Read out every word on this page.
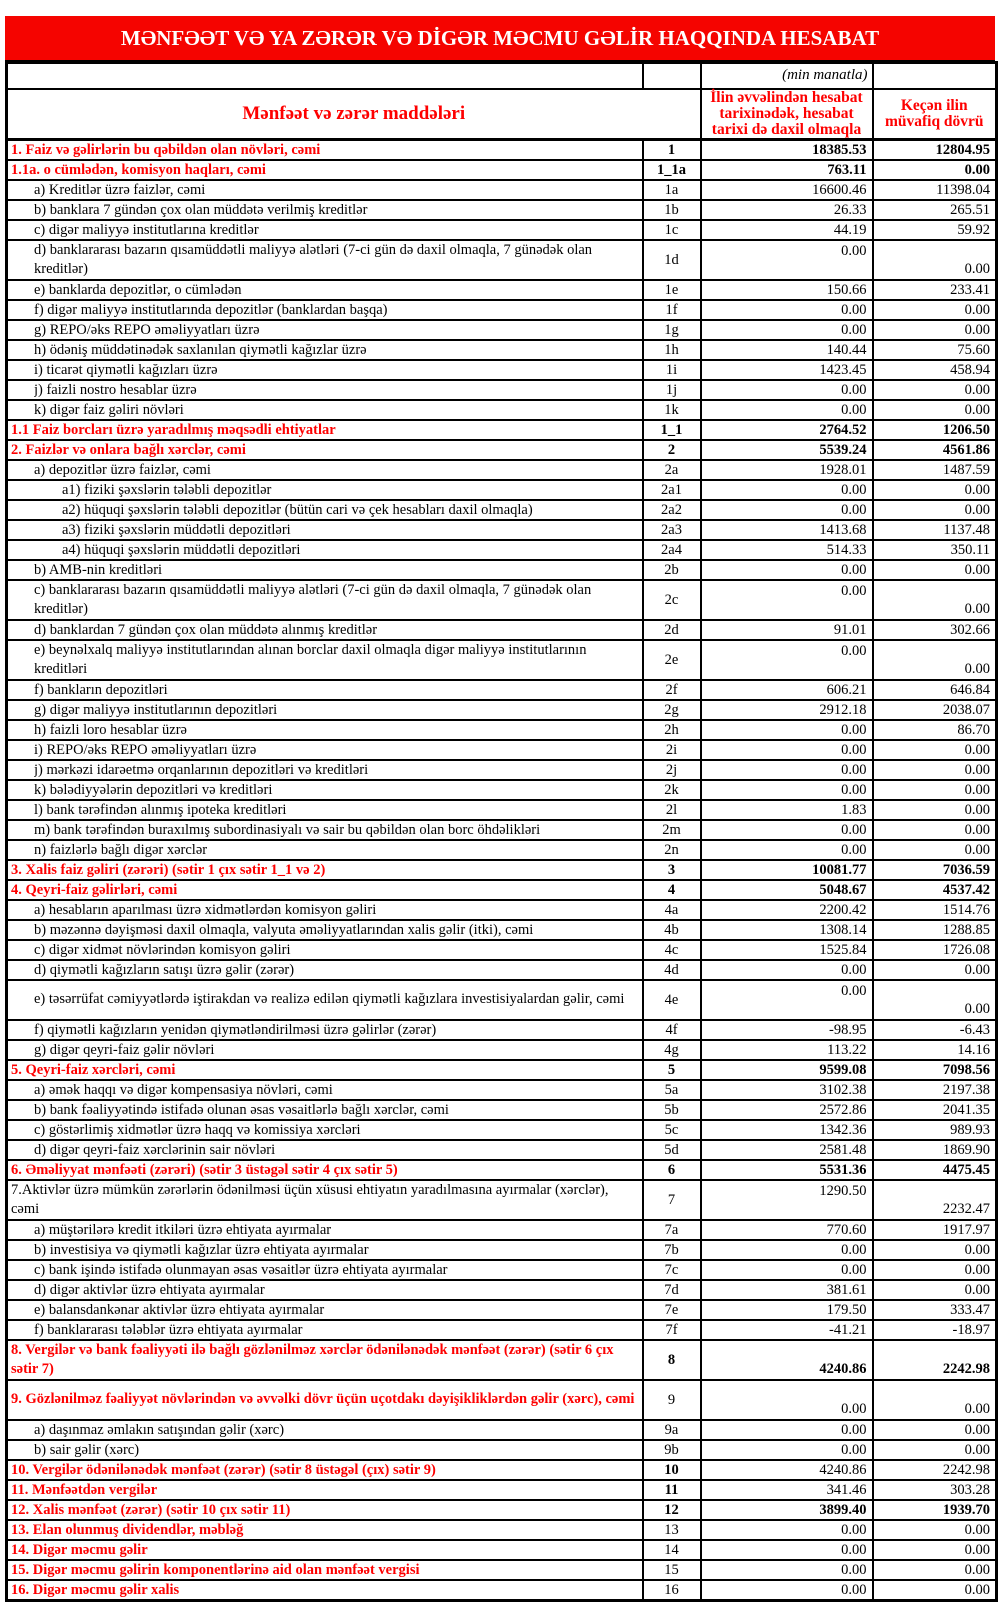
MƏNFƏƏT VƏ YA ZƏRƏR VƏ DİGƏR MƏCMU GƏLİR HAQQINDA HESABAT
		(min manatla)	
Mənfəət və zərər maddələri		İlin əvvəlindən hesabat tarixinədək, hesabat tarixi də daxil olmaqla	Keçən ilin müvafiq dövrü

1. Faiz və gəlirlərin bu qəbildən olan növləri, cəmi	1	18385.53	12804.95

1.1a. o cümlədən, komisyon haqları, cəmi	1_1a	763.11	0.00

a) Kreditlər üzrə faizlər, cəmi	1a	16600.46	11398.04

b) banklara 7 gündən çox olan müddətə verilmiş kreditlər	1b	26.33	265.51

c) digər maliyyə institutlarına kreditlər	1c	44.19	59.92

d) banklararası bazarın qısamüddətli maliyyə alətləri (7-ci gün də daxil olmaqla, 7 günədək olan kreditlər)	1d	0.00	0.00

e) banklarda depozitlər, o cümlədən	1e	150.66	233.41

f) digər maliyyə institutlarında depozitlər (banklardan başqa)	1f	0.00	0.00

g) REPO/əks REPO əməliyyatları üzrə	1g	0.00	0.00

h) ödəniş müddətinədək saxlanılan qiymətli kağızlar üzrə	1h	140.44	75.60

i) ticarət qiymətli kağızları üzrə	1i	1423.45	458.94

j) faizli nostro hesablar üzrə	1j	0.00	0.00

k) digər faiz gəliri növləri	1k	0.00	0.00

1.1 Faiz borcları üzrə yaradılmış məqsədli ehtiyatlar	1_1	2764.52	1206.50

2. Faizlər və onlara bağlı xərclər, cəmi	2	5539.24	4561.86

a) depozitlər üzrə faizlər, cəmi	2a	1928.01	1487.59

a1) fiziki şəxslərin tələbli depozitlər	2a1	0.00	0.00

a2) hüquqi şəxslərin tələbli depozitlər (bütün cari və çek hesabları daxil olmaqla)	2a2	0.00	0.00

a3) fiziki şəxslərin müddətli depozitləri	2a3	1413.68	1137.48

a4) hüquqi şəxslərin müddətli depozitləri	2a4	514.33	350.11

b) AMB-nin kreditləri	2b	0.00	0.00

c) banklararası bazarın qısamüddətli maliyyə alətləri (7-ci gün də daxil olmaqla, 7 günədək olan kreditlər)	2c	0.00	0.00

d) banklardan 7 gündən çox olan müddətə alınmış kreditlər	2d	91.01	302.66

e) beynəlxalq maliyyə institutlarından alınan borclar daxil olmaqla digər maliyyə institutlarının kreditləri	2e	0.00	0.00

f) bankların depozitləri	2f	606.21	646.84

g) digər maliyyə institutlarının depozitləri	2g	2912.18	2038.07

h) faizli loro hesablar üzrə	2h	0.00	86.70

i) REPO/əks REPO əməliyyatları üzrə	2i	0.00	0.00

j) mərkəzi idarəetmə orqanlarının depozitləri və kreditləri	2j	0.00	0.00

k) bələdiyyələrin depozitləri və kreditləri	2k	0.00	0.00

l) bank tərəfindən alınmış ipoteka kreditləri	2l	1.83	0.00

m) bank tərəfindən buraxılmış subordinasiyalı və sair bu qəbildən olan borc öhdəlikləri	2m	0.00	0.00

n) faizlərlə bağlı digər xərclər	2n	0.00	0.00

3. Xalis faiz gəliri (zərəri) (sətir 1 çıx sətir 1_1 və 2)	3	10081.77	7036.59

4. Qeyri-faiz gəlirləri, cəmi	4	5048.67	4537.42

a) hesabların aparılması üzrə xidmətlərdən komisyon gəliri	4a	2200.42	1514.76

b) məzənnə dəyişməsi daxil olmaqla, valyuta əməliyyatlarından xalis gəlir (itki), cəmi	4b	1308.14	1288.85

c) digər xidmət növlərindən komisyon gəliri	4c	1525.84	1726.08

d) qiymətli kağızların satışı üzrə gəlir (zərər)	4d	0.00	0.00

e) təsərrüfat cəmiyyətlərdə iştirakdan və realizə edilən qiymətli kağızlara investisiyalardan gəlir, cəmi	4e	0.00	0.00

f) qiymətli kağızların yenidən qiymətləndirilməsi üzrə gəlirlər (zərər)	4f	-98.95	-6.43

g) digər qeyri-faiz gəlir növləri	4g	113.22	14.16

5. Qeyri-faiz xərcləri, cəmi	5	9599.08	7098.56

a) əmək haqqı və digər kompensasiya növləri, cəmi	5a	3102.38	2197.38

b) bank fəaliyyətində istifadə olunan əsas vəsaitlərlə bağlı xərclər, cəmi	5b	2572.86	2041.35

c) göstərlimiş xidmətlər üzrə haqq və komissiya xərcləri	5c	1342.36	989.93

d) digər qeyri-faiz xərclərinin sair növləri	5d	2581.48	1869.90

6. Əməliyyat mənfəəti (zərəri) (sətir 3 üstəgəl sətir 4 çıx sətir 5)	6	5531.36	4475.45

7.Aktivlər üzrə mümkün zərərlərin ödənilməsi üçün xüsusi ehtiyatın yaradılmasına ayırmalar (xərclər), cəmi	7	1290.50	2232.47

a) müştərilərə kredit itkiləri üzrə ehtiyata ayırmalar	7a	770.60	1917.97

b) investisiya və qiymətli kağızlar üzrə ehtiyata ayırmalar	7b	0.00	0.00

c) bank işində istifadə olunmayan əsas vəsaitlər üzrə ehtiyata ayırmalar	7c	0.00	0.00

d) digər aktivlər üzrə ehtiyata ayırmalar	7d	381.61	0.00

e) balansdankənar aktivlər üzrə ehtiyata ayırmalar	7e	179.50	333.47

f) banklararası tələblər üzrə ehtiyata ayırmalar	7f	-41.21	-18.97

8. Vergilər və bank fəaliyyəti ilə bağlı gözlənilməz xərclər ödənilənədək mənfəət (zərər) (sətir 6 çıx sətir 7)	8	4240.86	2242.98

9. Gözlənilməz fəaliyyət növlərindən və əvvəlki dövr üçün uçotdakı dəyişikliklərdən gəlir (xərc), cəmi	9	0.00	0.00

a) daşınmaz əmlakın satışından gəlir (xərc)	9a	0.00	0.00

b) sair gəlir (xərc)	9b	0.00	0.00

10. Vergilər ödənilənədək mənfəət (zərər) (sətir 8 üstəgəl (çıx) sətir 9)	10	4240.86	2242.98

11. Mənfəətdən vergilər	11	341.46	303.28

12. Xalis mənfəət (zərər) (sətir 10 çıx sətir 11)	12	3899.40	1939.70

13. Elan olunmuş dividendlər, məbləğ	13	0.00	0.00

14. Digər məcmu gəlir	14	0.00	0.00

15. Digər məcmu gəlirin komponentlərinə aid olan mənfəət vergisi	15	0.00	0.00

16. Digər məcmu gəlir xalis	16	0.00	0.00
